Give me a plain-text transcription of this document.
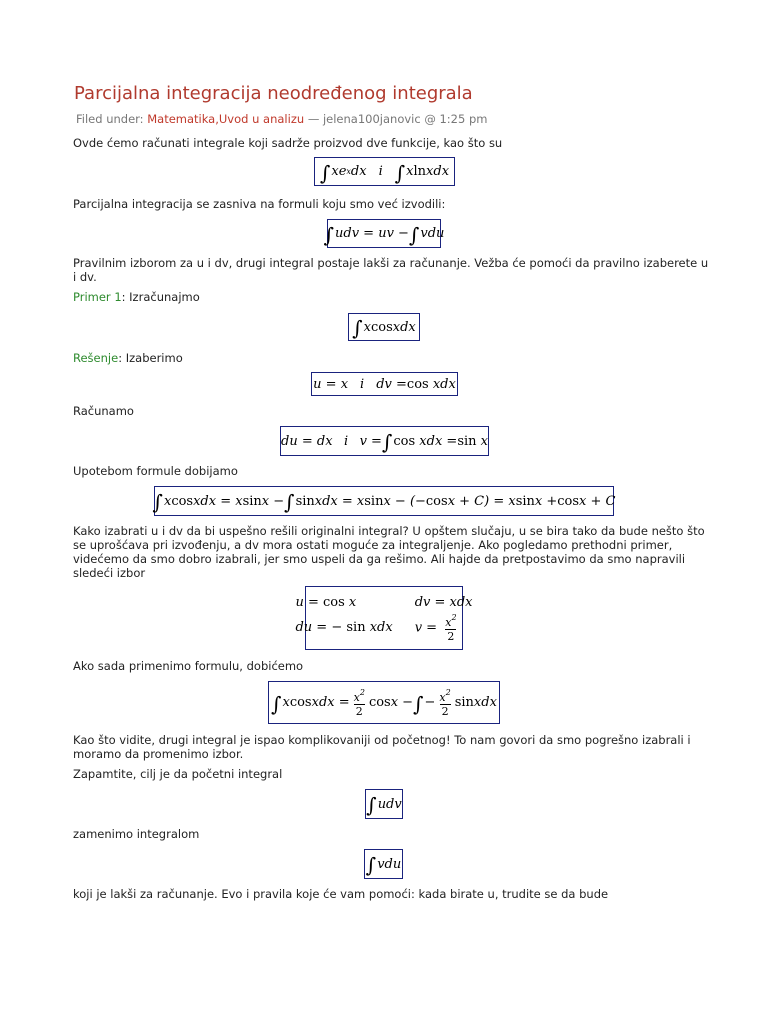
Parcijalna integracija neodređenog integrala
Filed under: Matematika,Uvod u analizu — jelena100janovic @ 1:25 pm
Ovde ćemo računati integrale koji sadrže proizvod dve funkcije, kao što su
∫ xe x dx i ∫ x ln xdx
Parcijalna integracija se zasniva na formuli koju smo već izvodili:
∫ udv = uv − ∫ vdu
Pravilnim izborom za u i dv, drugi integral postaje lakši za računanje. Vežba će pomoći da pravilno izaberete u i dv.
Primer 1: Izračunajmo
∫ x cos xdx
Rešenje: Izaberimo
u = x i dv = cos xdx
Računamo
du = dx i v = ∫ cos xdx = sin x
Upotebom formule dobijamo
∫ x cos xdx = x sin x − ∫ sin xdx = x sin x − (− cos x + C) = x sin x + cos x + C
Kako izabrati u i dv da bi uspešno rešili originalni integral? U opštem slučaju, u se bira tako da bude nešto što se uprošćava pri izvođenju, a dv mora ostati moguće za integraljenje. Ako pogledamo prethodni primer, videćemo da smo dobro izabrali, jer smo uspeli da ga rešimo. Ali hajde da pretpostavimo da smo napravili sledeći izbor
u = cos x	dv = xdx
du = − sin xdx $v = \frac{x^2}{2}$
Ako sada primenimo formulu, dobićemo
∫ x cos xdx = $\frac{x^2}{2}$ cos x − ∫ − $\frac{x^2}{2}$ sin xdx
Kao što vidite, drugi integral je ispao komplikovaniji od početnog! To nam govori da smo pogrešno izabrali i moramo da promenimo izbor.
Zapamtite, cilj je da početni integral
∫ udv
zamenimo integralom
∫ vdu
koji je lakši za računanje. Evo i pravila koje će vam pomoći: kada birate u, trudite se da bude
